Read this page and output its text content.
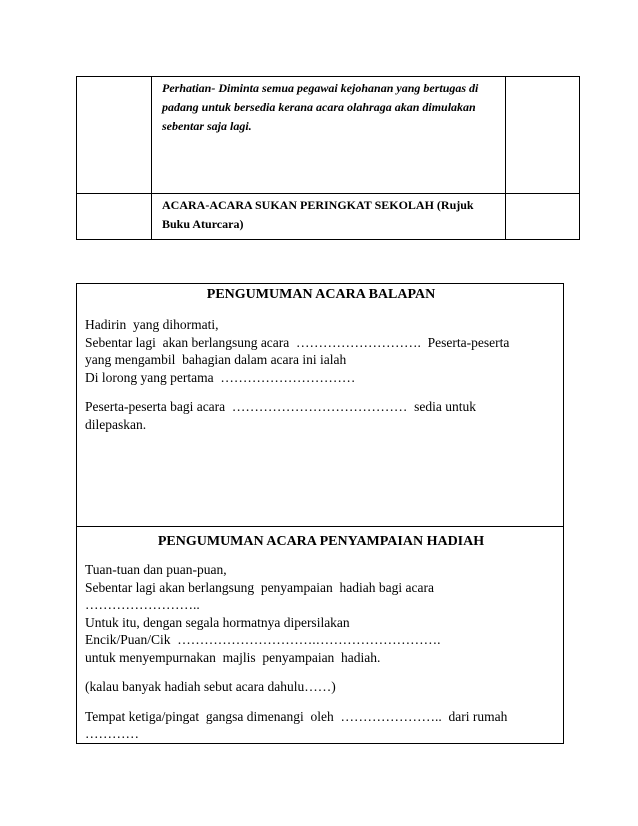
	Perhatian- Diminta semua pegawai kejohanan yang bertugas di
padang untuk bersedia kerana acara olahraga akan dimulakan
sebentar saja lagi.	

	ACARA-ACARA SUKAN PERINGKAT SEKOLAH (Rujuk
Buku Aturcara)	

PENGUMUMAN ACARA BALAPAN
Hadirin  yang dihormati,
Sebentar lagi  akan berlangsung acara  ……………………….  Peserta-peserta
yang mengambil  bahagian dalam acara ini ialah
Di lorong yang pertama  …………………………
Peserta-peserta bagi acara  …………………………………  sedia untuk
dilepaskan.

PENGUMUMAN ACARA PENYAMPAIAN HADIAH
Tuan-tuan dan puan-puan,
Sebentar lagi akan berlangsung  penyampaian  hadiah bagi acara
……………………..
Untuk itu, dengan segala hormatnya dipersilakan
Encik/Puan/Cik  ………………………….……………………….
untuk menyempurnakan  majlis  penyampaian  hadiah.
(kalau banyak hadiah sebut acara dahulu……)
Tempat ketiga/pingat  gangsa dimenangi  oleh  …………………..  dari rumah
…………
